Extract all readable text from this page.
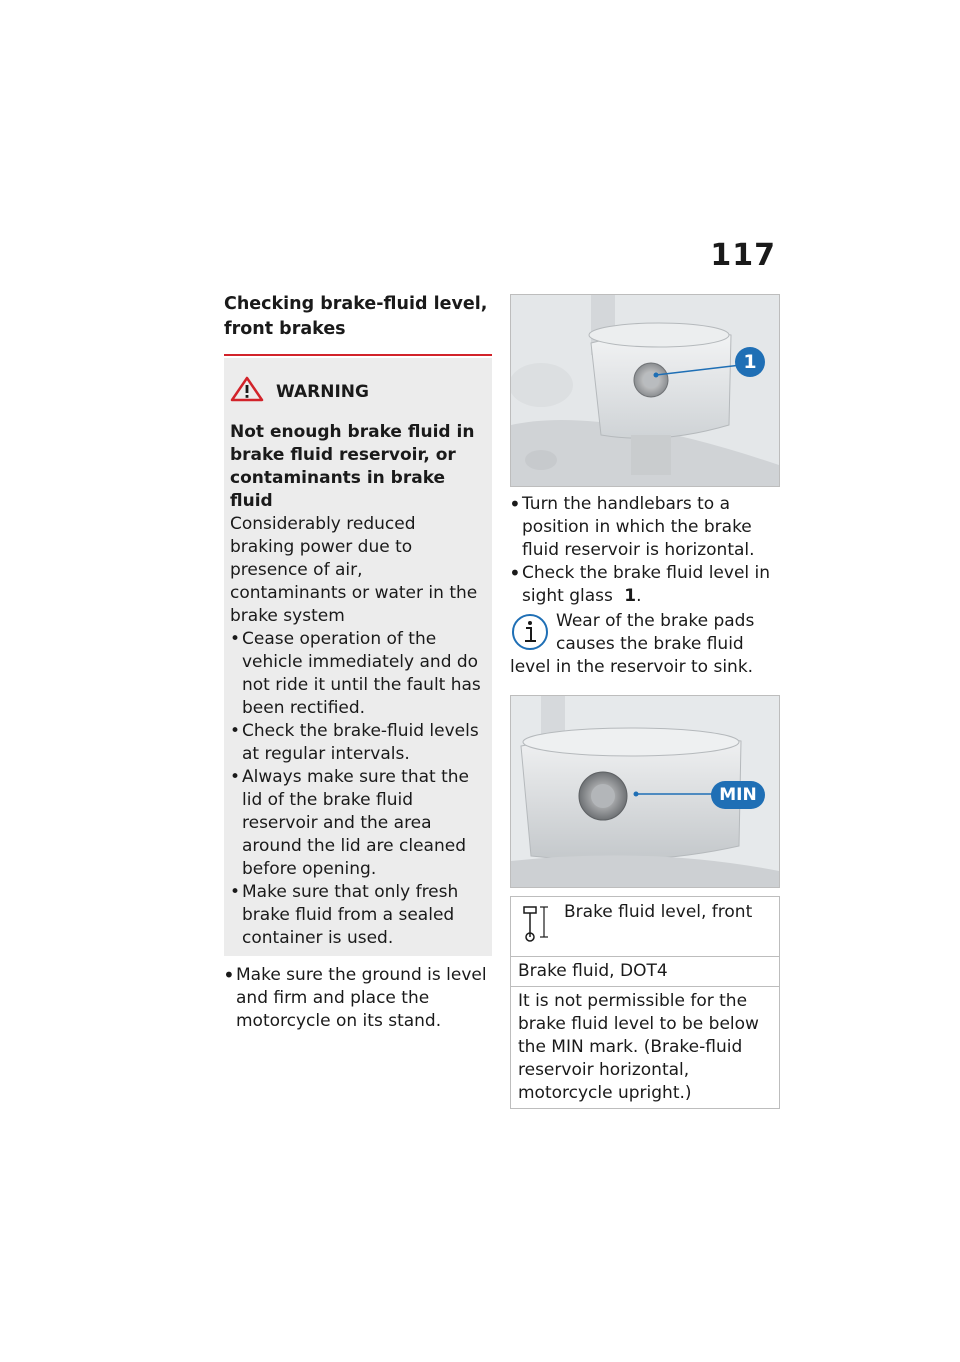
117
Checking brake-fluid level, front brakes
WARNING
Not enough brake fluid in brake fluid reservoir, or contaminants in brake fluid
Considerably reduced braking power due to presence of air, contaminants or water in the brake system
• Cease operation of the vehicle immediately and do not ride it until the fault has been rectified.
• Check the brake-fluid levels at regular intervals.
• Always make sure that the lid of the brake fluid reservoir and the area around the lid are cleaned before opening.
• Make sure that only fresh brake fluid from a sealed container is used.
• Make sure the ground is level and firm and place the motorcycle on its stand.
1
• Turn the handlebars to a position in which the brake fluid reservoir is horizontal.
• Check the brake fluid level in sight glass 1.
Wear of the brake pads causes the brake fluid level in the reservoir to sink.
MIN
Brake fluid level, front
Brake fluid, DOT4
It is not permissible for the brake fluid level to be below the MIN mark. (Brake-fluid reservoir horizontal, motorcycle upright.)
